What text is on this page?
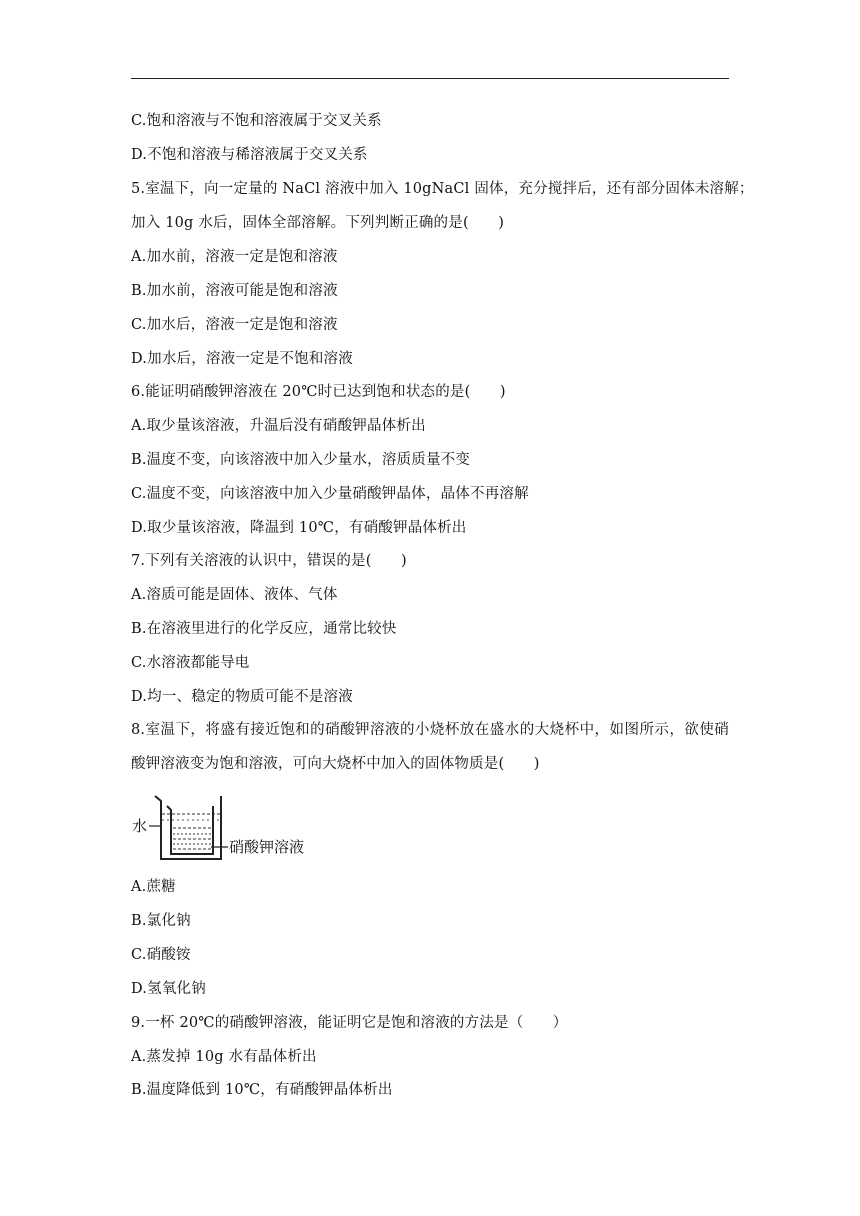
C.饱和溶液与不饱和溶液属于交叉关系
D.不饱和溶液与稀溶液属于交叉关系
5.室温下，向一定量的 NaCl 溶液中加入 10gNaCl 固体，充分搅拌后，还有部分固体未溶解；
加入 10g 水后，固体全部溶解。下列判断正确的是(　　)
A.加水前，溶液一定是饱和溶液
B.加水前，溶液可能是饱和溶液
C.加水后，溶液一定是饱和溶液
D.加水后，溶液一定是不饱和溶液
6.能证明硝酸钾溶液在 20℃时已达到饱和状态的是(　　)
A.取少量该溶液，升温后没有硝酸钾晶体析出
B.温度不变，向该溶液中加入少量水，溶质质量不变
C.温度不变，向该溶液中加入少量硝酸钾晶体，晶体不再溶解
D.取少量该溶液，降温到 10℃，有硝酸钾晶体析出
7.下列有关溶液的认识中，错误的是(　　)
A.溶质可能是固体、液体、气体
B.在溶液里进行的化学反应，通常比较快
C.水溶液都能导电
D.均一、稳定的物质可能不是溶液
8.室温下，将盛有接近饱和的硝酸钾溶液的小烧杯放在盛水的大烧杯中，如图所示，欲使硝
酸钾溶液变为饱和溶液，可向大烧杯中加入的固体物质是(　　)
水
硝酸钾溶液
A.蔗糖
B.氯化钠
C.硝酸铵
D.氢氧化钠
9.一杯 20℃的硝酸钾溶液，能证明它是饱和溶液的方法是（　　）
A.蒸发掉 10g 水有晶体析出
B.温度降低到 10℃，有硝酸钾晶体析出
